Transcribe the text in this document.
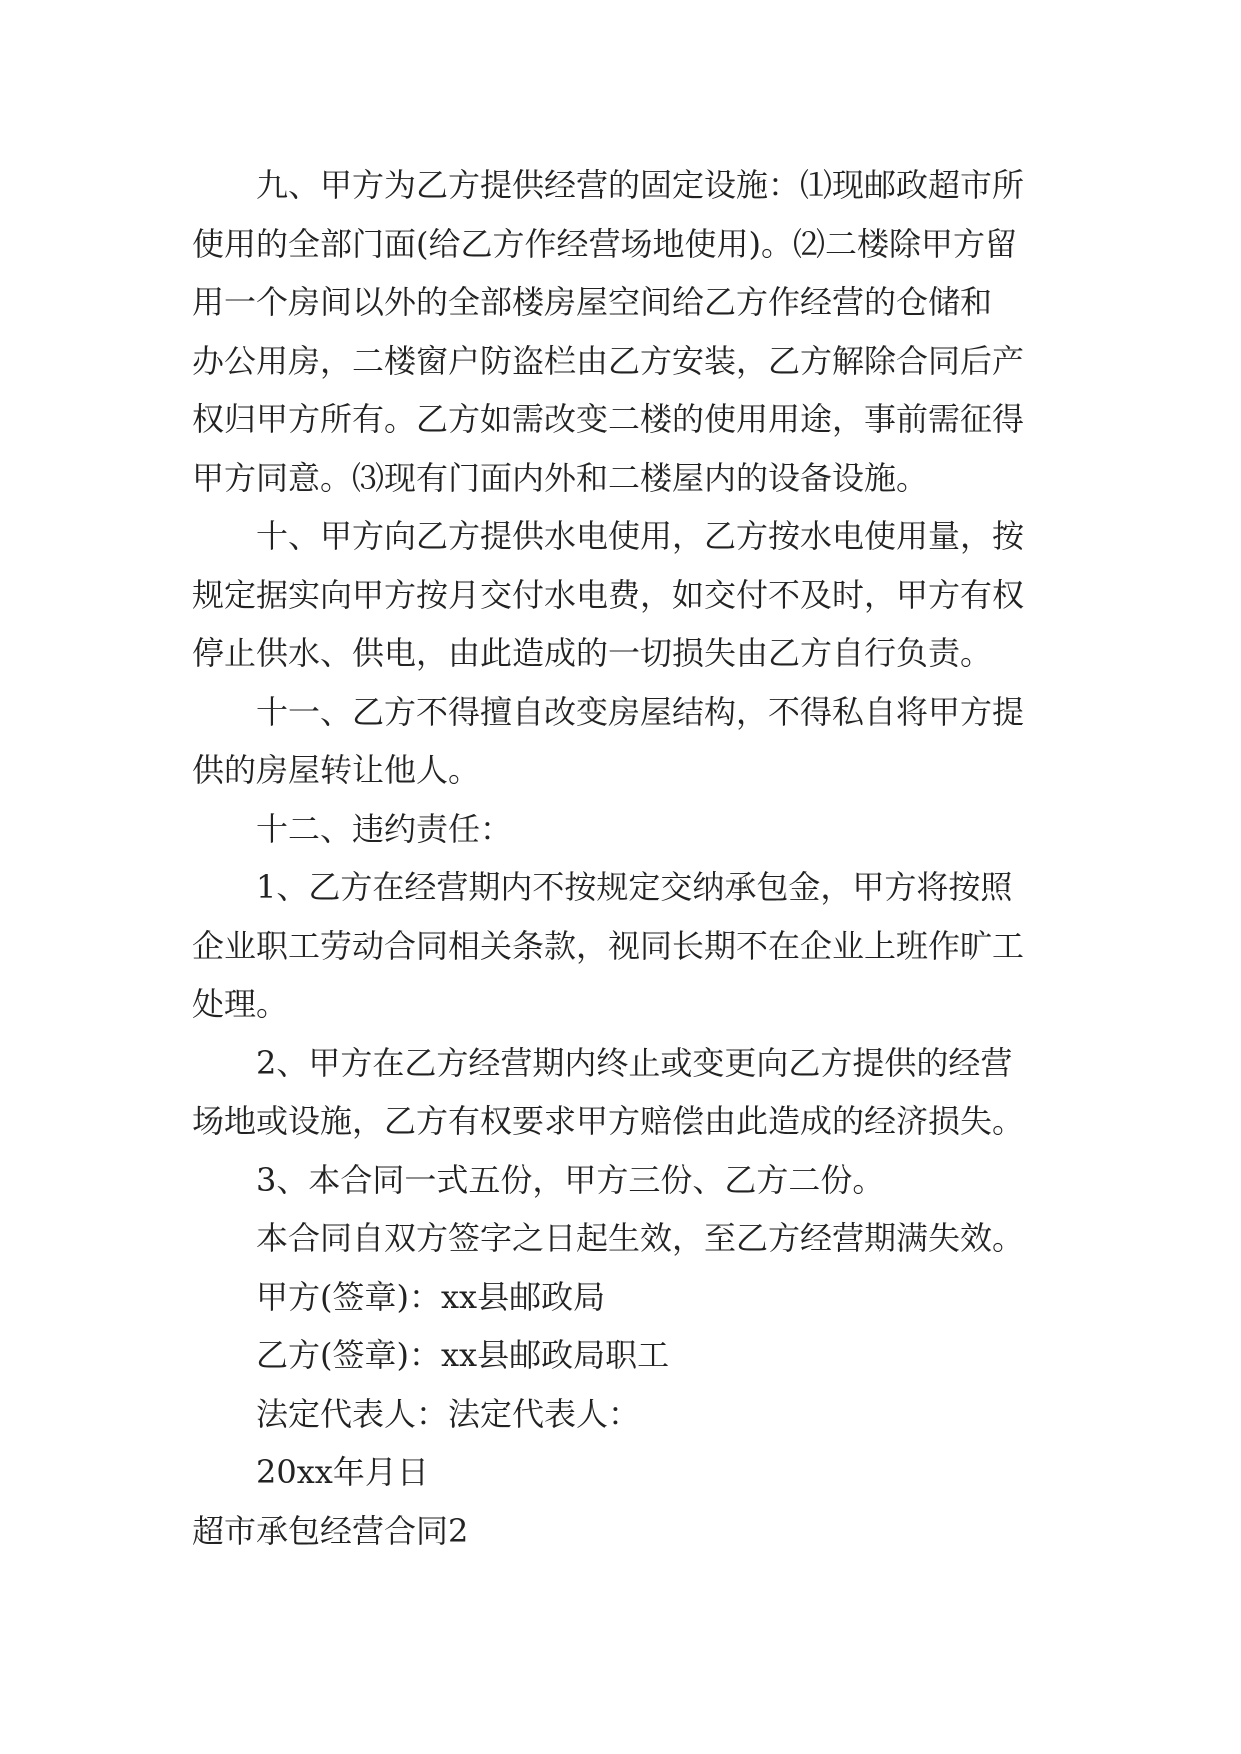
九、甲方为乙方提供经营的固定设施：⑴现邮政超市所
使用的全部门面(给乙方作经营场地使用)。⑵二楼除甲方留
用一个房间以外的全部楼房屋空间给乙方作经营的仓储和
办公用房，二楼窗户防盗栏由乙方安装，乙方解除合同后产
权归甲方所有。乙方如需改变二楼的使用用途，事前需征得
甲方同意。⑶现有门面内外和二楼屋内的设备设施。
十、甲方向乙方提供水电使用，乙方按水电使用量，按
规定据实向甲方按月交付水电费，如交付不及时，甲方有权
停止供水、供电，由此造成的一切损失由乙方自行负责。
十一、乙方不得擅自改变房屋结构，不得私自将甲方提
供的房屋转让他人。
十二、违约责任：
1、乙方在经营期内不按规定交纳承包金，甲方将按照
企业职工劳动合同相关条款，视同长期不在企业上班作旷工
处理。
2、甲方在乙方经营期内终止或变更向乙方提供的经营
场地或设施，乙方有权要求甲方赔偿由此造成的经济损失。
3、本合同一式五份，甲方三份、乙方二份。
本合同自双方签字之日起生效，至乙方经营期满失效。
甲方(签章)：xx县邮政局
乙方(签章)：xx县邮政局职工
法定代表人：法定代表人：
20xx年月日
超市承包经营合同2
